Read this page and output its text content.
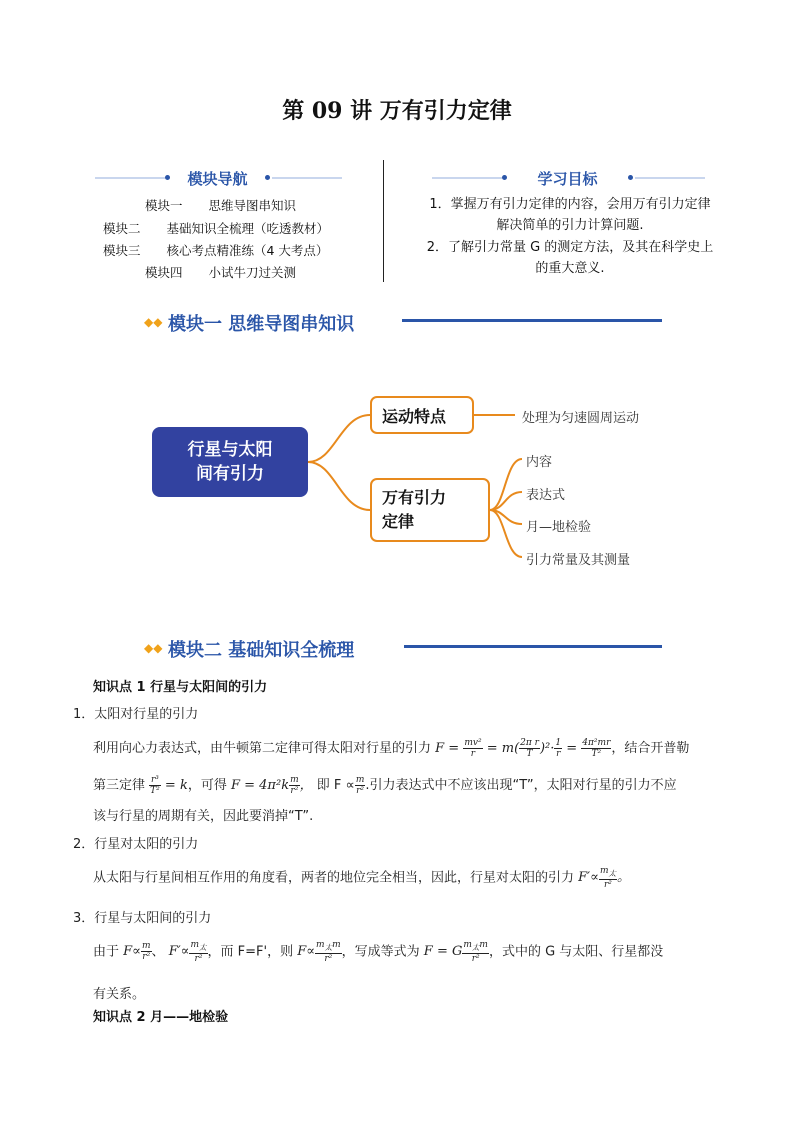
第 09 讲 万有引力定律
模块导航
模块一 思维导图串知识
模块二 基础知识全梳理（吃透教材）
模块三 核心考点精准练（4 大考点）
模块四 小试牛刀过关测
学习目标
1．掌握万有引力定律的内容，会用万有引力定律
解决简单的引力计算问题.
2．了解引力常量 G 的测定方法，及其在科学史上
的重大意义.
◆◆ 模块一 思维导图串知识
行星与太阳
间有引力
运动特点	处理为匀速圆周运动
万有引力
定律
内容
表达式
月—地检验
引力常量及其测量
◆◆ 模块二 基础知识全梳理
知识点 1 行星与太阳间的引力
1．太阳对行星的引力
利用向心力表达式，由牛顿第二定律可得太阳对行星的引力 $F = \frac{\text{mv²}}{r} = m( \frac{\text{2π r}}{T} )^2\cdot \frac{1}{r} = \frac{\text{4π²mr}}{\text{T²}}$ ，结合开普勒
第三定律 $\frac{\text{r³}}{\text{T²}} = k$，可得 $F = 4\pi^2k \frac{m}{\text{r²}}$ ， 即 $F \propto \frac{m}{\text{r²}}$ .引力表达式中不应该出现“T”，太阳对行星的引力不应
该与行星的周期有关，因此要消掉“T”.
2．行星对太阳的引力
从太阳与行星间相互作用的角度看，两者的地位完全相当，因此，行星对太阳的引力 $F'\propto \frac{m_太}{\text{r²}}$ 。
3．行星与太阳间的引力
由于 $F\propto \frac{m}{\text{r²}}$ 、 $F'\propto \frac{m_太}{\text{r²}}$ ，而 F=F'，则 $F\propto \frac{m_太m}{\text{r²}}$ ，写成等式为 F = G $\frac{m_太m}{\text{r²}}$ ，式中的 G 与太阳、行星都没
有关系。
知识点 2 月——地检验
